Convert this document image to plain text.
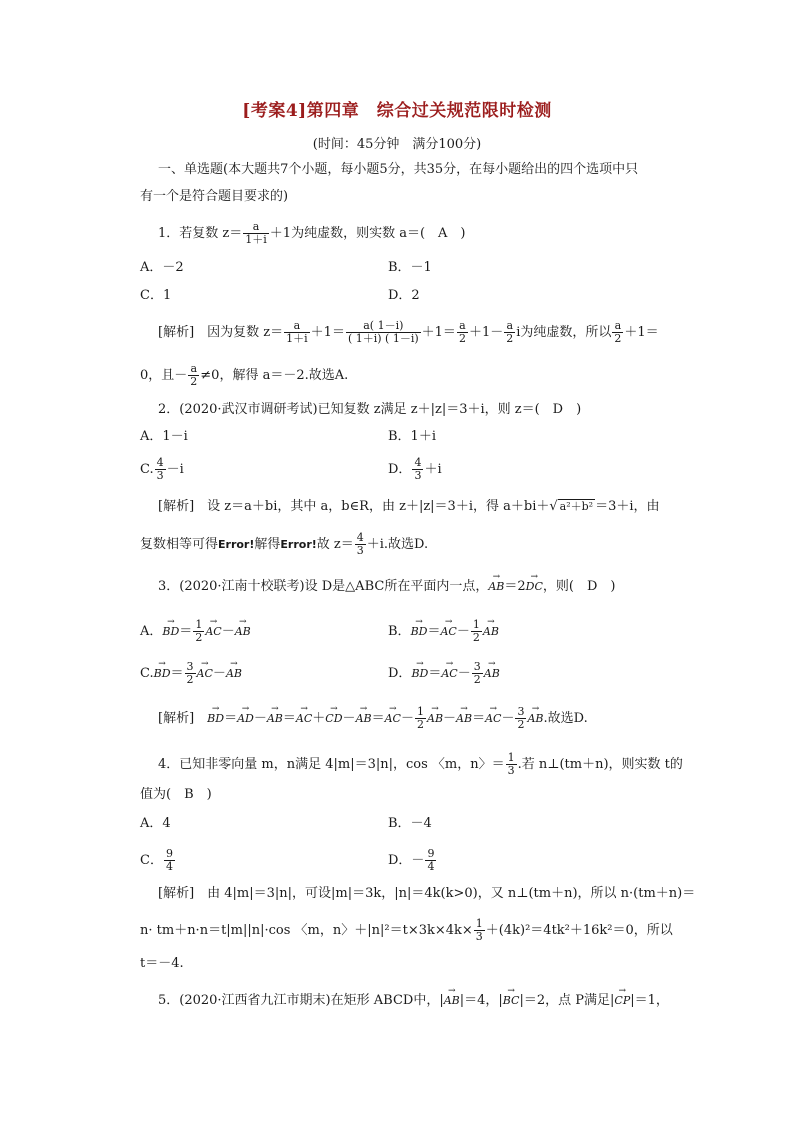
[考案4]第四章　综合过关规范限时检测
(时间：45分钟　满分100分)
一、单选题(本大题共7个小题，每小题5分，共35分，在每小题给出的四个选项中只
有一个是符合题目要求的)
1．若复数 $z= \frac{a}{1+i} +1$为纯虚数，则实数 a＝(　A　)
A．－2	B．－1
C．1	D．2
[解析]　因为复数 $z= \frac{a}{1+i} +1= \frac{a( 1-i)}{( 1+i) ( 1-i)} +1= \frac{a}{2} +1- \frac{a}{2}$ i为纯虚数，所以 $\frac{a}{2} +1=$
0，且－ $\frac{a}{2} \ne 0$，解得 a＝－2.故选A.
2．(2020·武汉市调研考试)已知复数 z满足 z＋|z|＝3＋i，则 z＝(　D　)
A．1－i	B．1＋i
C. $\frac{4}{3} -i$	D． $\frac{4}{3} +i$
[解析]　设 z＝a＋bi，其中 a，b∈R，由 z＋|z|＝3＋i，得 a＋bi＋√ a²＋b² ＝3＋i，由
复数相等可得Error!解得Error!故 $z= \frac{4}{3} +i$.故选D.
3．(2020·江南十校联考)设 D是△ABC所在平面内一点，→ AB＝2→ DC，则(　D　)
A．→ $BD= \frac{1}{2}$
→ AC－→ AB	B．→ $BD=\to AC- \frac{1}{2}$
→ AB
$C.\to BD= \frac{3}{2}$
→ AC－→ AB	D．→ $BD=\to AC- \frac{3}{2}$
→ AB
[解析]　→ $BD=\to AD-\to AB=\to AC+\to CD-\to AB=\to AC- \frac{1}{2}$
→ $AB-\to AB=\to AC- \frac{3}{2}$
→ AB.故选D.
4．已知非零向量 m，n满足 4|m|＝3|n|，cos 〈m，n〉＝ $\frac{1}{3}$ .若 n⊥(tm＋n)，则实数 t的
值为(　B　)
A．4	B．－4
C． $\frac{9}{4}$	D．－ $\frac{9}{4}$
[解析]　由 4|m|＝3|n|，可设|m|＝3k，|n|＝4k(k>0)，又 n⊥(tm＋n)，所以 n·(tm＋n)＝
n· tm＋n·n＝t|m||n|·cos 〈m，n〉$+|n|^2=t\times 3k\times 4k\times \frac{1}{3} +(4k)^2=4tk^2+16k^2=0$，所以
t＝－4.
5．(2020·江西省九江市期末)在矩形 ABCD中，|→ AB|＝4，|→ BC|＝2，点 P满足|→ CP|＝1，
